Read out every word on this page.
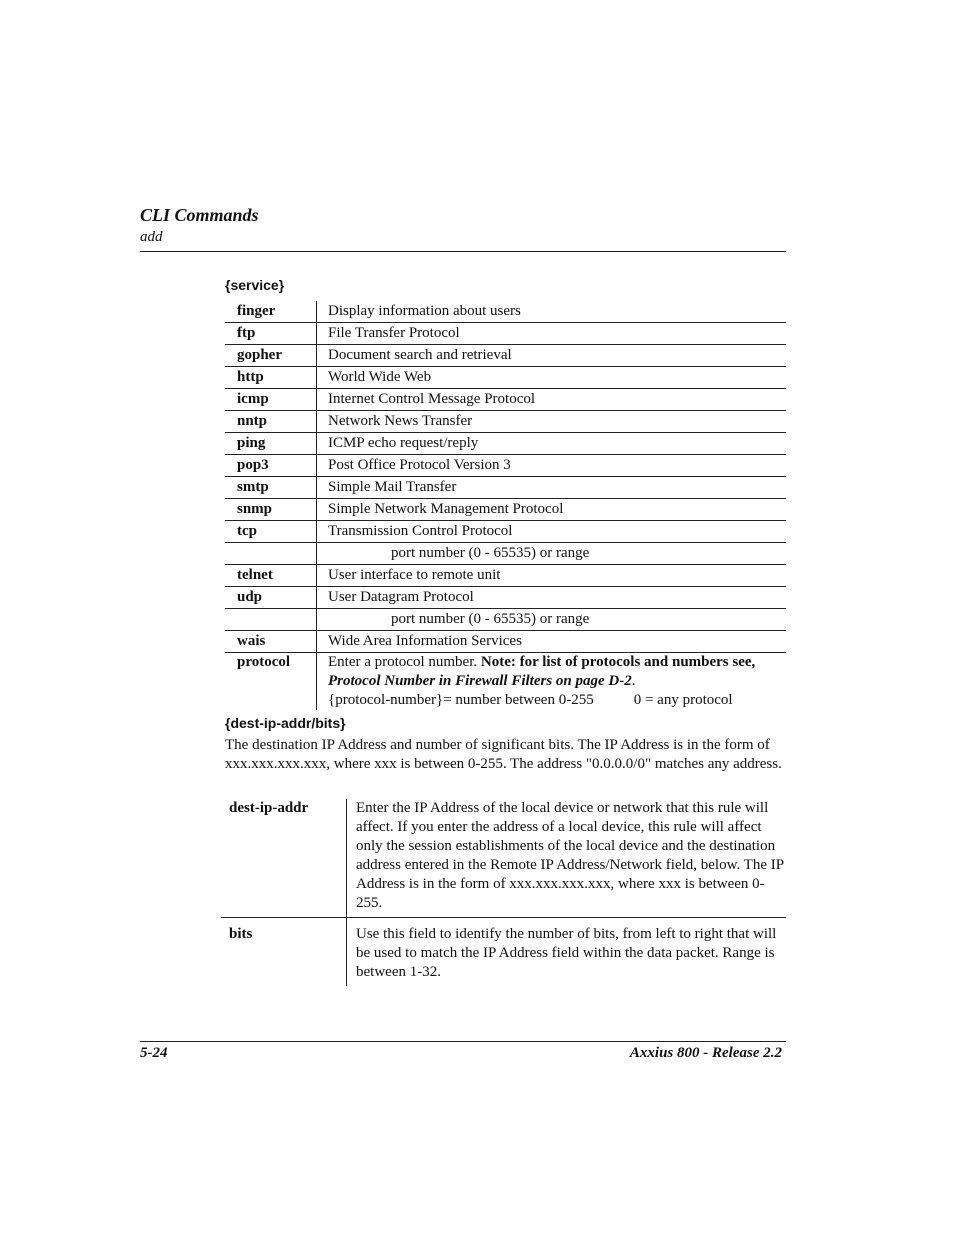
CLI Commands
add
{service}
finger	Display information about users
ftp	File Transfer Protocol
gopher	Document search and retrieval
http	World Wide Web
icmp	Internet Control Message Protocol
nntp	Network News Transfer
ping	ICMP echo request/reply
pop3	Post Office Protocol Version 3
smtp	Simple Mail Transfer
snmp	Simple Network Management Protocol
tcp	Transmission Control Protocol
port number (0 - 65535) or range
telnet	User interface to remote unit
udp	User Datagram Protocol
port number (0 - 65535) or range
wais	Wide Area Information Services
protocol	Enter a protocol number. Note: for list of protocols and numbers see,
Protocol Number in Firewall Filters on page D-2.
{protocol-number}= number between 0-255	0 = any protocol
{dest-ip-addr/bits}
The destination IP Address and number of significant bits. The IP Address is in the form of xxx.xxx.xxx.xxx, where xxx is between 0-255. The address "0.0.0.0/0" matches any address.
dest-ip-addr	Enter the IP Address of the local device or network that this rule will affect. If you enter the address of a local device, this rule will affect only the session establishments of the local device and the destination address entered in the Remote IP Address/Network field, below. The IP Address is in the form of xxx.xxx.xxx.xxx, where xxx is between 0-255.
bits	Use this field to identify the number of bits, from left to right that will be used to match the IP Address field within the data packet. Range is between 1-32.
5-24	Axxius 800 - Release 2.2
